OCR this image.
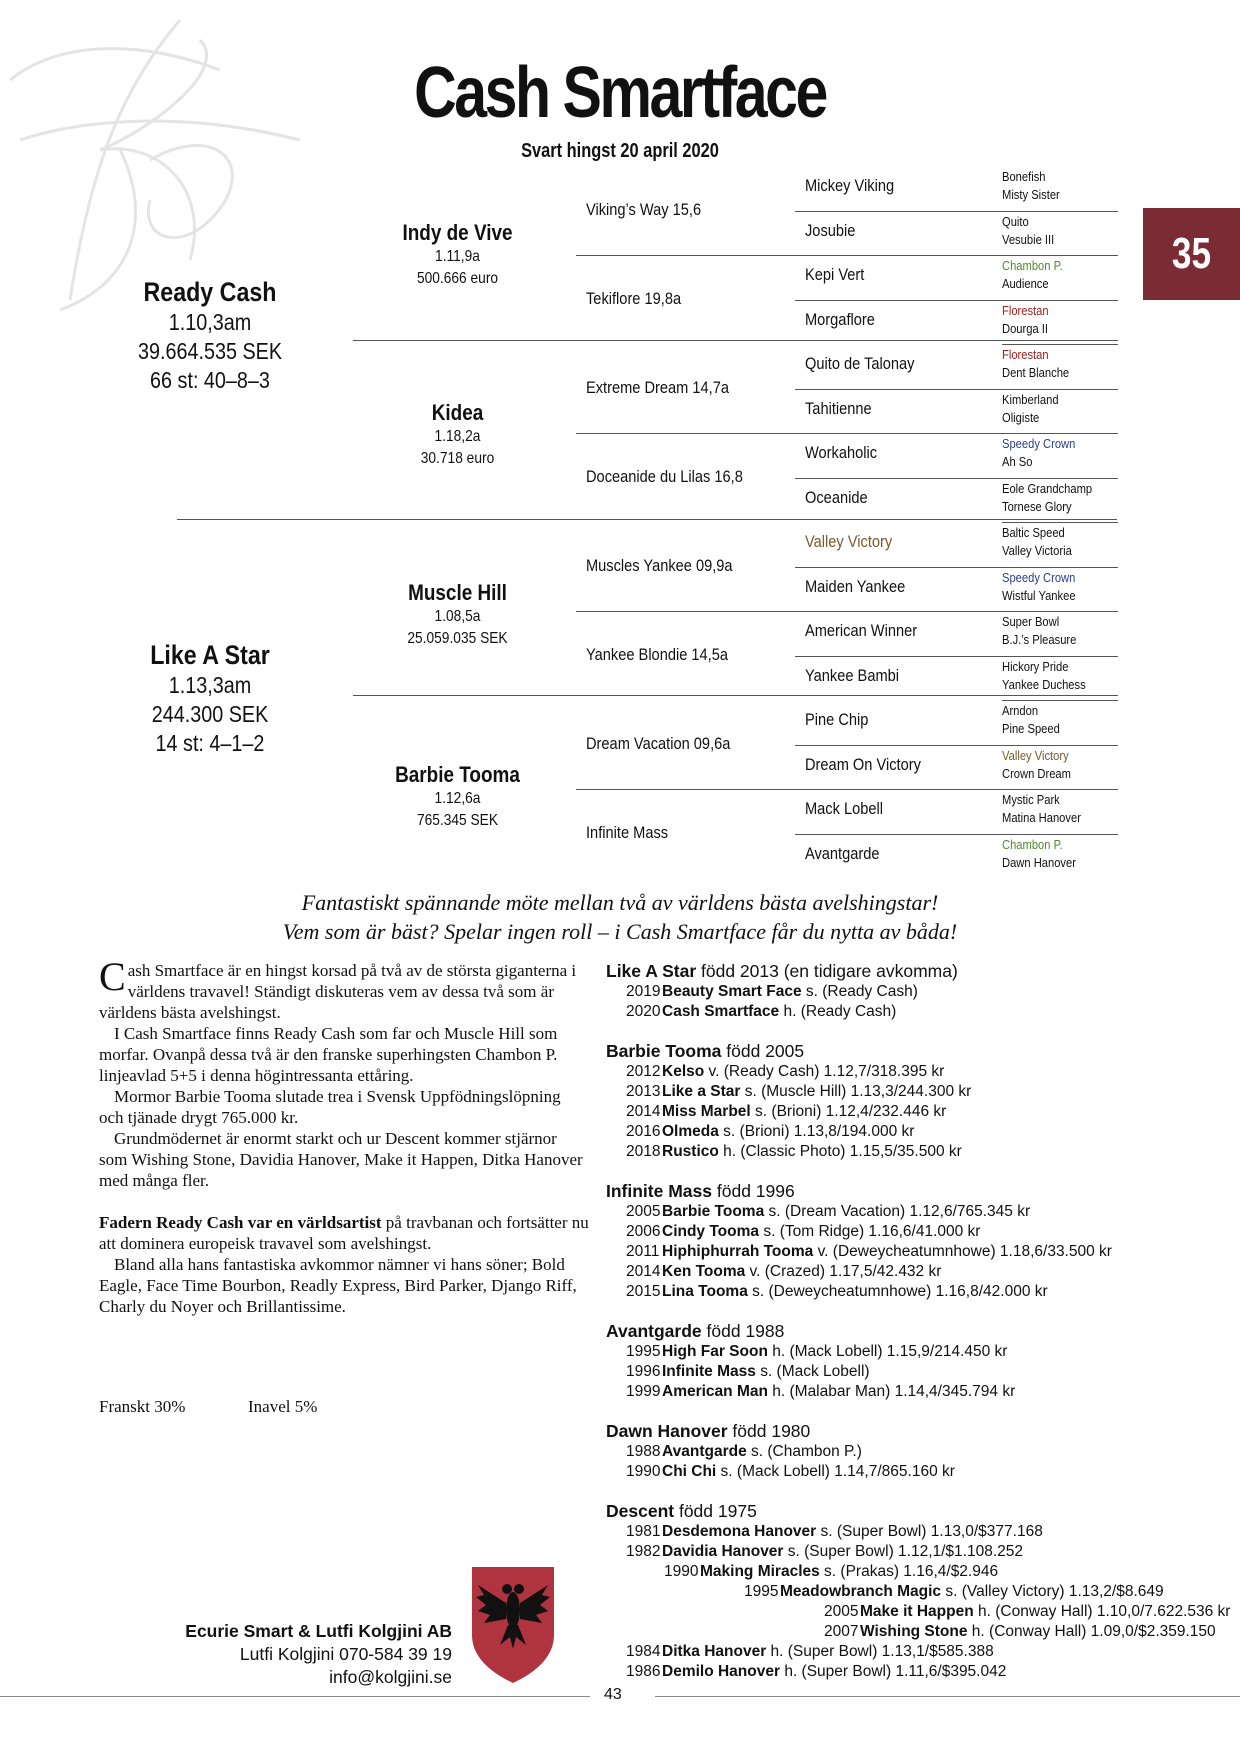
Cash Smartface
Svart hingst 20 april 2020
35
Ready Cash
1.10,3am
39.664.535 SEK
66 st: 40–8–3
Like A Star
1.13,3am
244.300 SEK
14 st: 4–1–2
Indy de Vive
1.11,9a
500.666 euro
Kidea
1.18,2a
30.718 euro
Muscle Hill
1.08,5a
25.059.035 SEK
Barbie Tooma
1.12,6a
765.345 SEK
Viking’s Way 15,6
Tekiflore 19,8a
Extreme Dream 14,7a
Doceanide du Lilas 16,8
Muscles Yankee 09,9a
Yankee Blondie 14,5a
Dream Vacation 09,6a
Infinite Mass
Mickey Viking
Josubie
Kepi Vert
Morgaflore
Quito de Talonay
Tahitienne
Workaholic
Oceanide
Valley Victory
Maiden Yankee
American Winner
Yankee Bambi
Pine Chip
Dream On Victory
Mack Lobell
Avantgarde
Bonefish
Misty Sister
Quito
Vesubie III
Chambon P.
Audience
Florestan
Dourga II
Florestan
Dent Blanche
Kimberland
Oligiste
Speedy Crown
Ah So
Eole Grandchamp
Tornese Glory
Baltic Speed
Valley Victoria
Speedy Crown
Wistful Yankee
Super Bowl
B.J.’s Pleasure
Hickory Pride
Yankee Duchess
Arndon
Pine Speed
Valley Victory
Crown Dream
Mystic Park
Matina Hanover
Chambon P.
Dawn Hanover
Fantastiskt spännande möte mellan två av världens bästa avelshingstar!
Vem som är bäst? Spelar ingen roll – i Cash Smartface får du nytta av båda!

Cash Smartface är en hingst korsad på två av de största giganterna i världens travavel! Ständigt diskuteras vem av dessa två som är världens bästa avelshingst.

I Cash Smartface finns Ready Cash som far och Muscle Hill som morfar. Ovanpå dessa två är den franske superhingsten Chambon P. linjeavlad 5+5 i denna högintressanta ettåring.

Mormor Barbie Tooma slutade trea i Svensk Uppfödningslöpning och tjänade drygt 765.000 kr.

Grundmödernet är enormt starkt och ur Descent kommer stjärnor som Wishing Stone, Davidia Hanover, Make it Happen, Ditka Hanover med många fler.

Fadern Ready Cash var en världsartist på travbanan och fortsätter nu att dominera europeisk travavel som avelshingst.

Bland alla hans fantastiska avkommor nämner vi hans söner; Bold Eagle, Face Time Bourbon, Readly Express, Bird Parker, Django Riff, Charly du Noyer och Brillantissime.

Franskt 30%	Inavel 5%
Like A Star född 2013 (en tidigare avkomma)
2019Beauty Smart Face s. (Ready Cash)
2020Cash Smartface h. (Ready Cash)
Barbie Tooma född 2005
2012Kelso v. (Ready Cash) 1.12,7/318.395 kr
2013Like a Star s. (Muscle Hill) 1.13,3/244.300 kr
2014Miss Marbel s. (Brioni) 1.12,4/232.446 kr
2016Olmeda s. (Brioni) 1.13,8/194.000 kr
2018Rustico h. (Classic Photo) 1.15,5/35.500 kr
Infinite Mass född 1996
2005Barbie Tooma s. (Dream Vacation) 1.12,6/765.345 kr
2006Cindy Tooma s. (Tom Ridge) 1.16,6/41.000 kr
2011 Hiphiphurrah Tooma v. (Deweycheatumnhowe) 1.18,6/33.500 kr
2014Ken Tooma v. (Crazed) 1.17,5/42.432 kr
2015Lina Tooma s. (Deweycheatumnhowe) 1.16,8/42.000 kr
Avantgarde född 1988
1995High Far Soon h. (Mack Lobell) 1.15,9/214.450 kr
1996Infinite Mass s. (Mack Lobell)
1999American Man h. (Malabar Man) 1.14,4/345.794 kr
Dawn Hanover född 1980
1988Avantgarde s. (Chambon P.)
1990Chi Chi s. (Mack Lobell) 1.14,7/865.160 kr
Descent född 1975
1981Desdemona Hanover s. (Super Bowl) 1.13,0/$377.168
1982Davidia Hanover s. (Super Bowl) 1.12,1/$1.108.252
1990Making Miracles s. (Prakas) 1.16,4/$2.946
1995Meadowbranch Magic s. (Valley Victory) 1.13,2/$8.649
2005Make it Happen h. (Conway Hall) 1.10,0/7.622.536 kr
2007Wishing Stone h. (Conway Hall) 1.09,0/$2.359.150
1984Ditka Hanover h. (Super Bowl) 1.13,1/$585.388
1986Demilo Hanover h. (Super Bowl) 1.11,6/$395.042
Ecurie Smart & Lutfi Kolgjini AB
Lutfi Kolgjini 070-584 39 19
info@kolgjini.se
43
